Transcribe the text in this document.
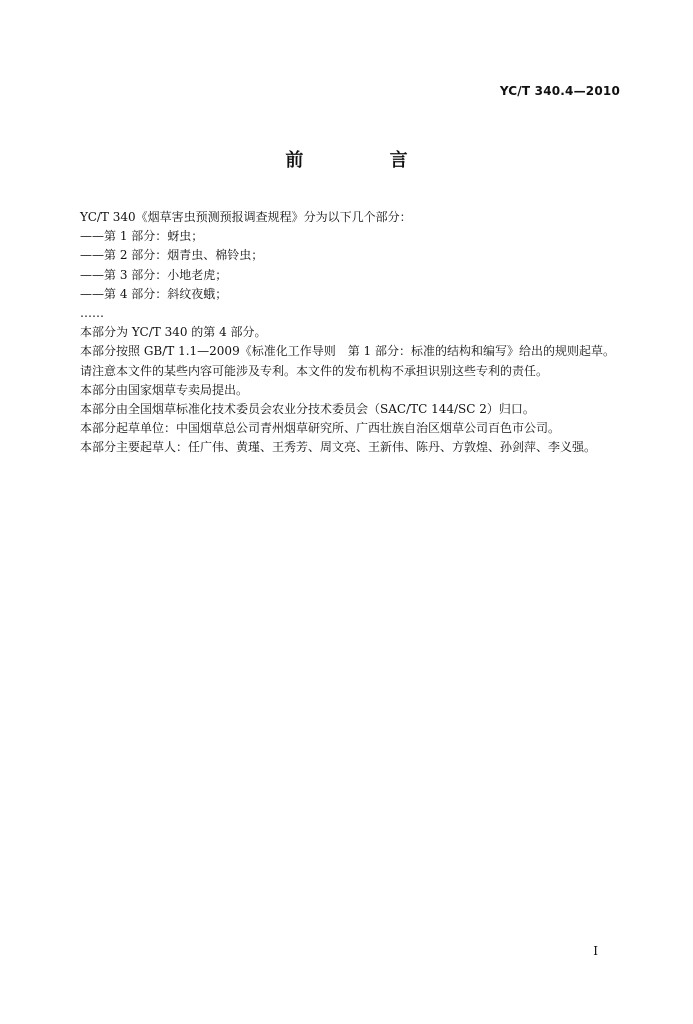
YC/T 340.4—2010
前 言
YC/T 340《烟草害虫预测预报调查规程》分为以下几个部分：
——第 1 部分：蚜虫；
——第 2 部分：烟青虫、棉铃虫；
——第 3 部分：小地老虎；
——第 4 部分：斜纹夜蛾；
……
本部分为 YC/T 340 的第 4 部分。
本部分按照 GB/T 1.1—2009《标准化工作导则　第 1 部分：标准的结构和编写》给出的规则起草。
请注意本文件的某些内容可能涉及专利。本文件的发布机构不承担识别这些专利的责任。
本部分由国家烟草专卖局提出。
本部分由全国烟草标准化技术委员会农业分技术委员会（SAC/TC 144/SC 2）归口。
本部分起草单位：中国烟草总公司青州烟草研究所、广西壮族自治区烟草公司百色市公司。
本部分主要起草人：任广伟、黄瑾、王秀芳、周文亮、王新伟、陈丹、方敦煌、孙剑萍、李义强。
I
